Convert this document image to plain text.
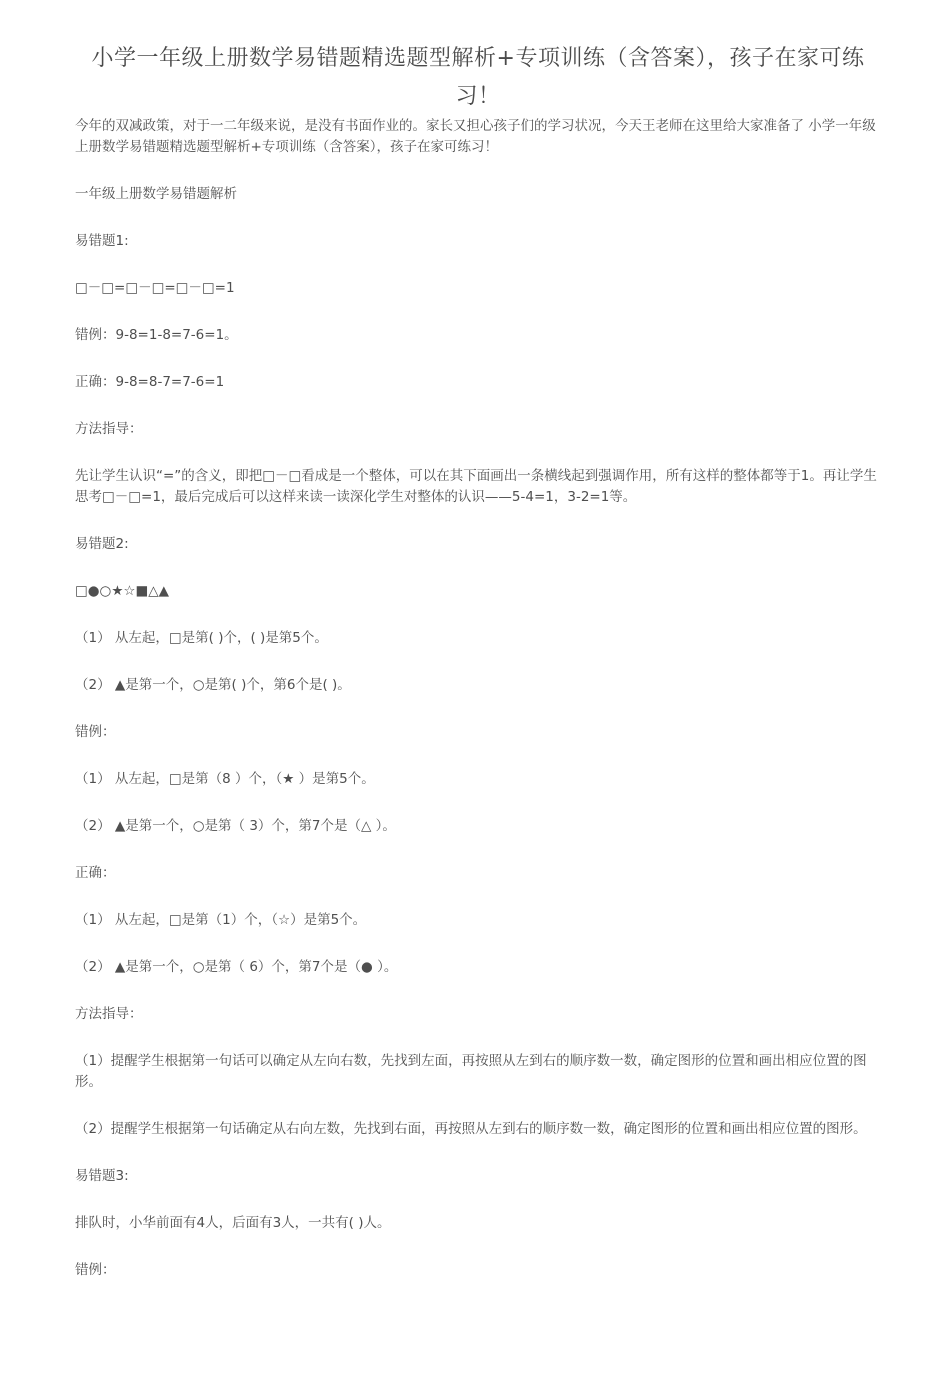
小学一年级上册数学易错题精选题型解析+专项训练（含答案），孩子在家可练习！

今年的双减政策，对于一二年级来说，是没有书面作业的。家长又担心孩子们的学习状况，今天王老师在这里给大家准备了 小学一年级上册数学易错题精选题型解析+专项训练（含答案），孩子在家可练习！

一年级上册数学易错题解析

易错题1:

□－□=□－□=□－□=1

错例：9-8=1-8=7-6=1。

正确：9-8=8-7=7-6=1

方法指导：

先让学生认识“=”的含义，即把□－□看成是一个整体，可以在其下面画出一条横线起到强调作用，所有这样的整体都等于1。再让学生思考□－□=1，最后完成后可以这样来读一读深化学生对整体的认识——5-4=1，3-2=1等。

易错题2:

□●○★☆■△▲

（1） 从左起，□是第( )个，( )是第5个。

（2） ▲是第一个，○是第( )个，第6个是( )。

错例：

（1） 从左起，□是第（8 ）个，（★ ）是第5个。

（2） ▲是第一个，○是第（ 3）个，第7个是（△ ）。

正确：

（1） 从左起，□是第（1）个，（☆）是第5个。

（2） ▲是第一个，○是第（ 6）个，第7个是（● ）。

方法指导：

（1）提醒学生根据第一句话可以确定从左向右数，先找到左面，再按照从左到右的顺序数一数，确定图形的位置和画出相应位置的图形。

（2）提醒学生根据第一句话确定从右向左数，先找到右面，再按照从左到右的顺序数一数，确定图形的位置和画出相应位置的图形。

易错题3:

排队时，小华前面有4人，后面有3人，一共有( )人。

错例：
